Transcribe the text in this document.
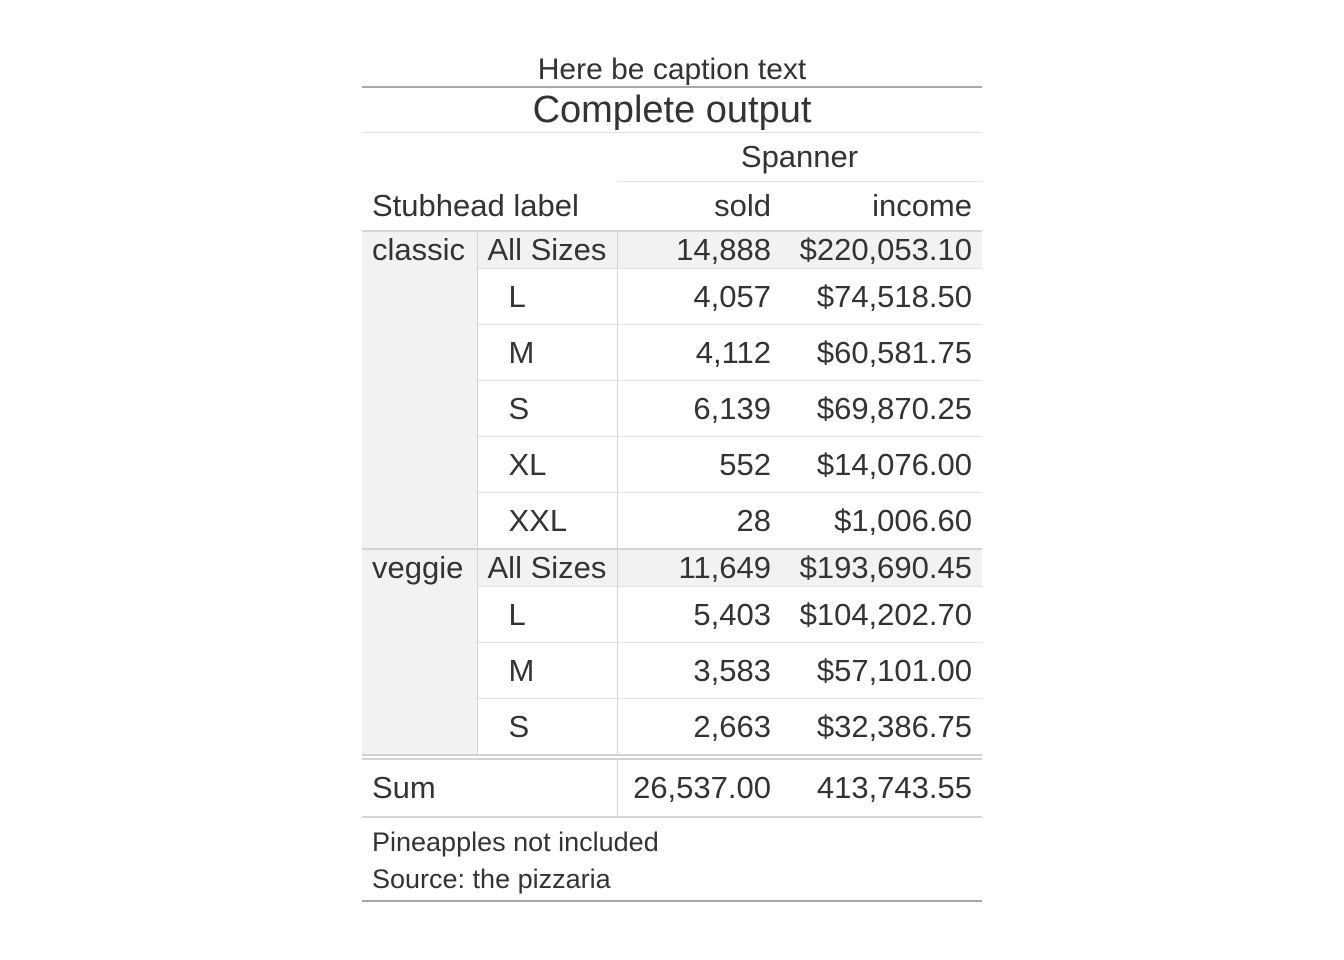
Here be caption text
Complete output
		Spanner	
Stubhead label		sold	income
classic	All Sizes	14,888	$220,053.10
	L	4,057	$74,518.50
	M	4,112	$60,581.75
	S	6,139	$69,870.25
	XL	552	$14,076.00
	XXL	28	$1,006.60
veggie	All Sizes	11,649	$193,690.45
	L	5,403	$104,202.70
	M	3,583	$57,101.00
	S	2,663	$32,386.75
Sum		26,537.00	413,743.55
Pineapples not included
Source: the pizzaria
